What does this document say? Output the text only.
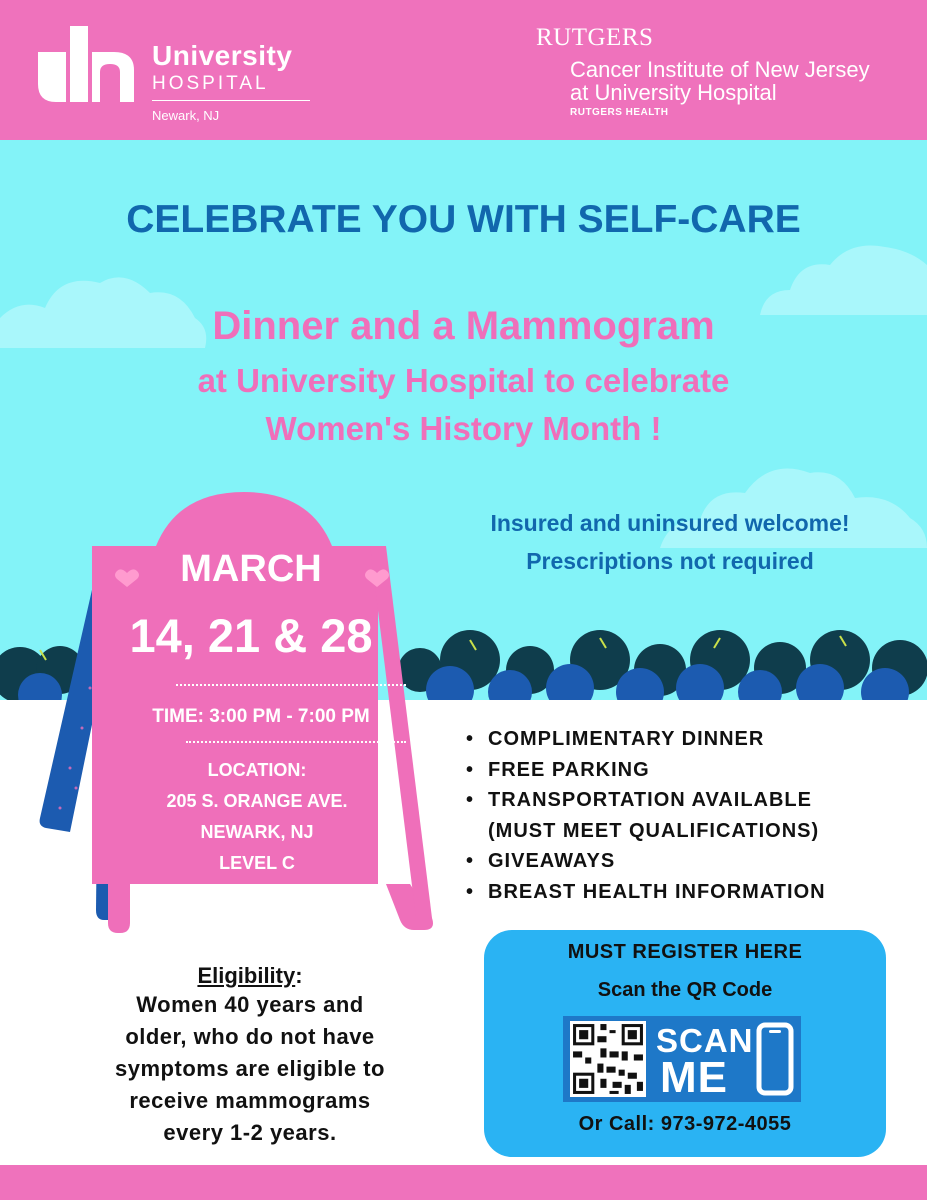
University
HOSPITAL
Newark, NJ
RUTGERS
Cancer Institute of New Jersey
at University Hospital
RUTGERS HEALTH
CELEBRATE YOU WITH SELF-CARE
Dinner and a Mammogram
at University Hospital to celebrate
Women's History Month !
Insured and uninsured welcome!
Prescriptions not required
MARCH
14, 21 & 28
TIME: 3:00 PM - 7:00 PM
LOCATION:
205 S. ORANGE AVE.
NEWARK, NJ
LEVEL C
• COMPLIMENTARY DINNER
• FREE PARKING
• TRANSPORTATION AVAILABLE
(MUST MEET QUALIFICATIONS)
• GIVEAWAYS
• BREAST HEALTH INFORMATION
Eligibility:
Women 40 years and
older, who do not have
symptoms are eligible to
receive mammograms
every 1-2 years.
MUST REGISTER HERE
Scan the QR Code
SCAN
ME
Or Call: 973-972-4055
